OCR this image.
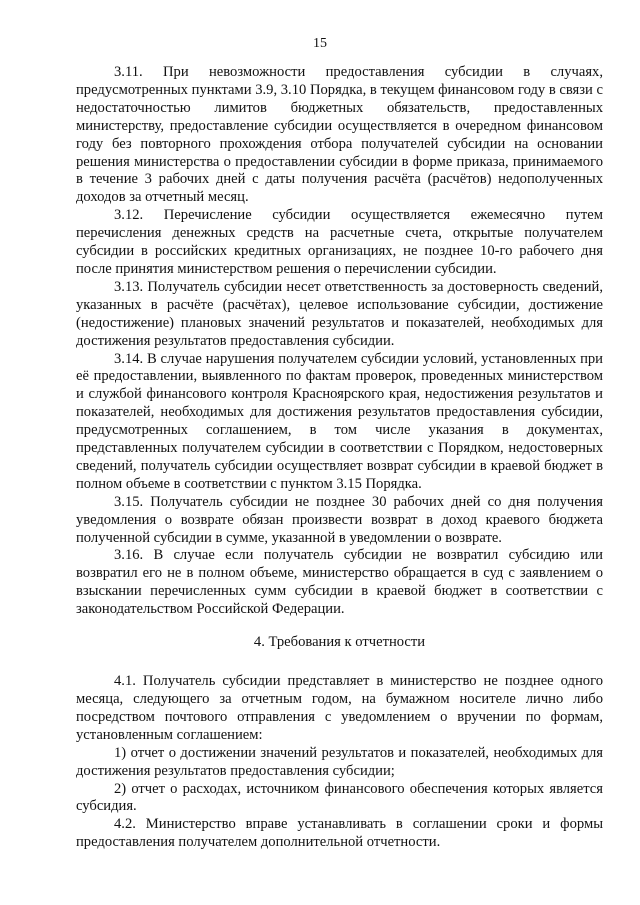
15

3.11. При невозможности предоставления субсидии в случаях, предусмотренных пунктами 3.9, 3.10 Порядка, в текущем финансовом году в связи с недостаточностью лимитов бюджетных обязательств, предоставленных министерству, предоставление субсидии осуществляется в очередном финансовом году без повторного прохождения отбора получателей субсидии на основании решения министерства о предоставлении субсидии в форме приказа, принимаемого в течение 3 рабочих дней с даты получения расчёта (расчётов) недополученных доходов за отчетный месяц.

3.12. Перечисление субсидии осуществляется ежемесячно путем перечисления денежных средств на расчетные счета, открытые получателем субсидии в российских кредитных организациях, не позднее 10-го рабочего дня после принятия министерством решения о перечислении субсидии.

3.13. Получатель субсидии несет ответственность за достоверность сведений, указанных в расчёте (расчётах), целевое использование субсидии, достижение (недостижение) плановых значений результатов и показателей, необходимых для достижения результатов предоставления субсидии.

3.14. В случае нарушения получателем субсидии условий, установленных при её предоставлении, выявленного по фактам проверок, проведенных министерством и службой финансового контроля Красноярского края, недостижения результатов и показателей, необходимых для достижения результатов предоставления субсидии, предусмотренных соглашением, в том числе указания в документах, представленных получателем субсидии в соответствии с Порядком, недостоверных сведений, получатель субсидии осуществляет возврат субсидии в краевой бюджет в полном объеме в соответствии с пунктом 3.15 Порядка.

3.15. Получатель субсидии не позднее 30 рабочих дней со дня получения уведомления о возврате обязан произвести возврат в доход краевого бюджета полученной субсидии в сумме, указанной в уведомлении о возврате.

3.16. В случае если получатель субсидии не возвратил субсидию или возвратил его не в полном объеме, министерство обращается в суд с заявлением о взыскании перечисленных сумм субсидии в краевой бюджет в соответствии с законодательством Российской Федерации.

4. Требования к отчетности

4.1. Получатель субсидии представляет в министерство не позднее одного месяца, следующего за отчетным годом, на бумажном носителе лично либо посредством почтового отправления с уведомлением о вручении по формам, установленным соглашением:

1) отчет о достижении значений результатов и показателей, необходимых для достижения результатов предоставления субсидии;

2) отчет о расходах, источником финансового обеспечения которых является субсидия.

4.2. Министерство вправе устанавливать в соглашении сроки и формы предоставления получателем дополнительной отчетности.
